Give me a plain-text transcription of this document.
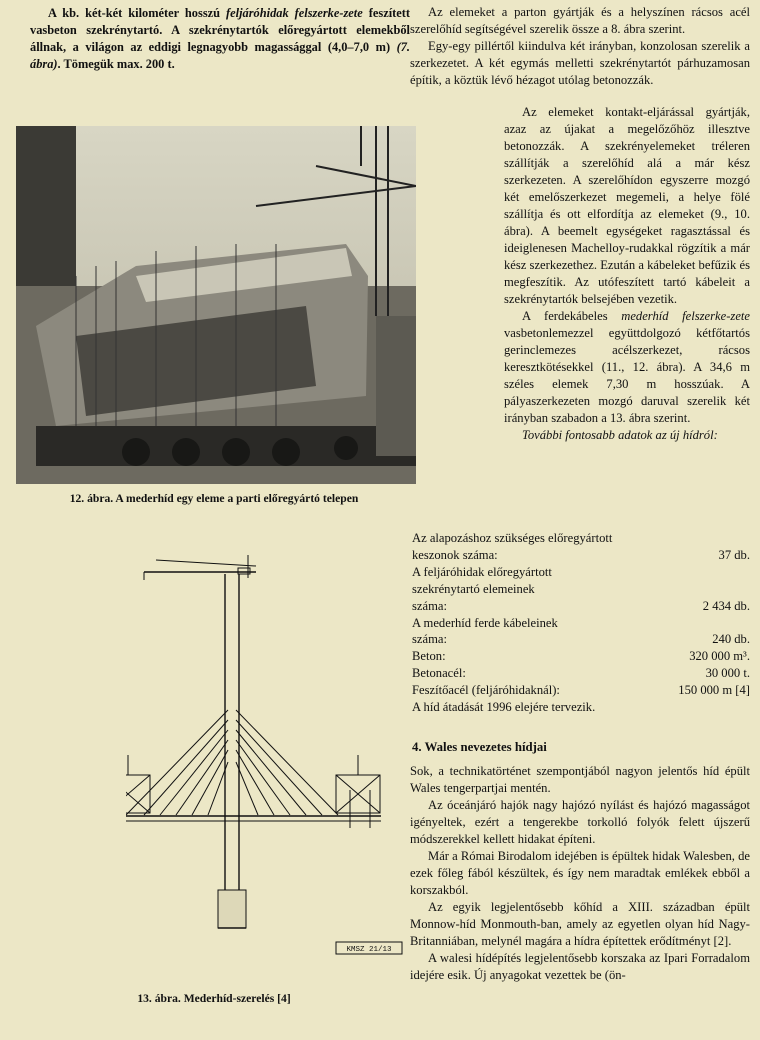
A kb. két-két kilométer hosszú feljáróhidak felszerke-zete feszített vasbeton szekrénytartó. A szekrénytartók előregyártott elemekből állnak, a világon az eddigi legnagyobb magassággal (4,0–7,0 m) (7. ábra). Tömegük max. 200 t.

12. ábra. A mederhíd egy eleme a parti előregyártó telepen
KMSZ 21/13
13. ábra. Mederhíd-szerelés [4]

Az elemeket a parton gyártják és a helyszínen rácsos acél szerelőhíd segítségével szerelik össze a 8. ábra szerint.

Egy-egy pillértől kiindulva két irányban, konzolosan szerelik a szerkezetet. A két egymás melletti szekrénytartót párhuzamosan építik, a köztük lévő hézagot utólag betonozzák.

Az elemeket kontakt-eljárással gyártják, azaz az újakat a megelőzőhöz illesztve betonozzák. A szekrényelemeket tréleren szállítják a szerelőhíd alá a már kész szerkezeten. A szerelőhídon egyszerre mozgó két emelőszerkezet megemeli, a helye fölé szállítja és ott elfordítja az elemeket (9., 10. ábra). A beemelt egységeket ragasztással és ideiglenesen Machelloy-rudakkal rögzítik a már kész szerkezethez. Ezután a kábeleket befűzik és megfeszítik. Az utófeszített tartó kábeleit a szekrénytartók belsejében vezetik.

A ferdekábeles mederhíd felszerke-zete vasbetonlemezzel együttdolgozó kétfőtartós gerinclemezes acélszerkezet, rácsos keresztkötésekkel (11., 12. ábra). A 34,6 m széles elemek 7,30 m hosszúak. A pályaszerkezeten mozgó daruval szerelik két irányban szabadon a 13. ábra szerint.

További fontosabb adatok az új hídról:

Az alapozáshoz szükséges előregyártott
keszonok száma:	37 db.
A feljáróhidak előregyártott
szekrénytartó elemeinek
száma:	2 434 db.
A mederhíd ferde kábeleinek
száma:	240 db.
Beton:	320 000 m³.
Betonacél:	30 000 t.
Feszítőacél (feljáróhidaknál):	150 000 m [4]
A híd átadását 1996 elejére tervezik.
4. Wales nevezetes hídjai

Sok, a technikatörténet szempontjából nagyon jelentős híd épült Wales tengerpartjai mentén.

Az óceánjáró hajók nagy hajózó nyílást és hajózó magasságot igényeltek, ezért a tengerekbe torkolló folyók felett újszerű módszerekkel kellett hidakat építeni.

Már a Római Birodalom idejében is épültek hidak Walesben, de ezek főleg fából készültek, és így nem maradtak emlékek ebből a korszakból.

Az egyik legjelentősebb kőhíd a XIII. században épült Monnow-híd Monmouth-ban, amely az egyetlen olyan híd Nagy-Britanniában, melynél magára a hídra építettek erődítményt [2].

A walesi hídépítés legjelentősebb korszaka az Ipari Forradalom idejére esik. Új anyagokat vezettek be (ön-
